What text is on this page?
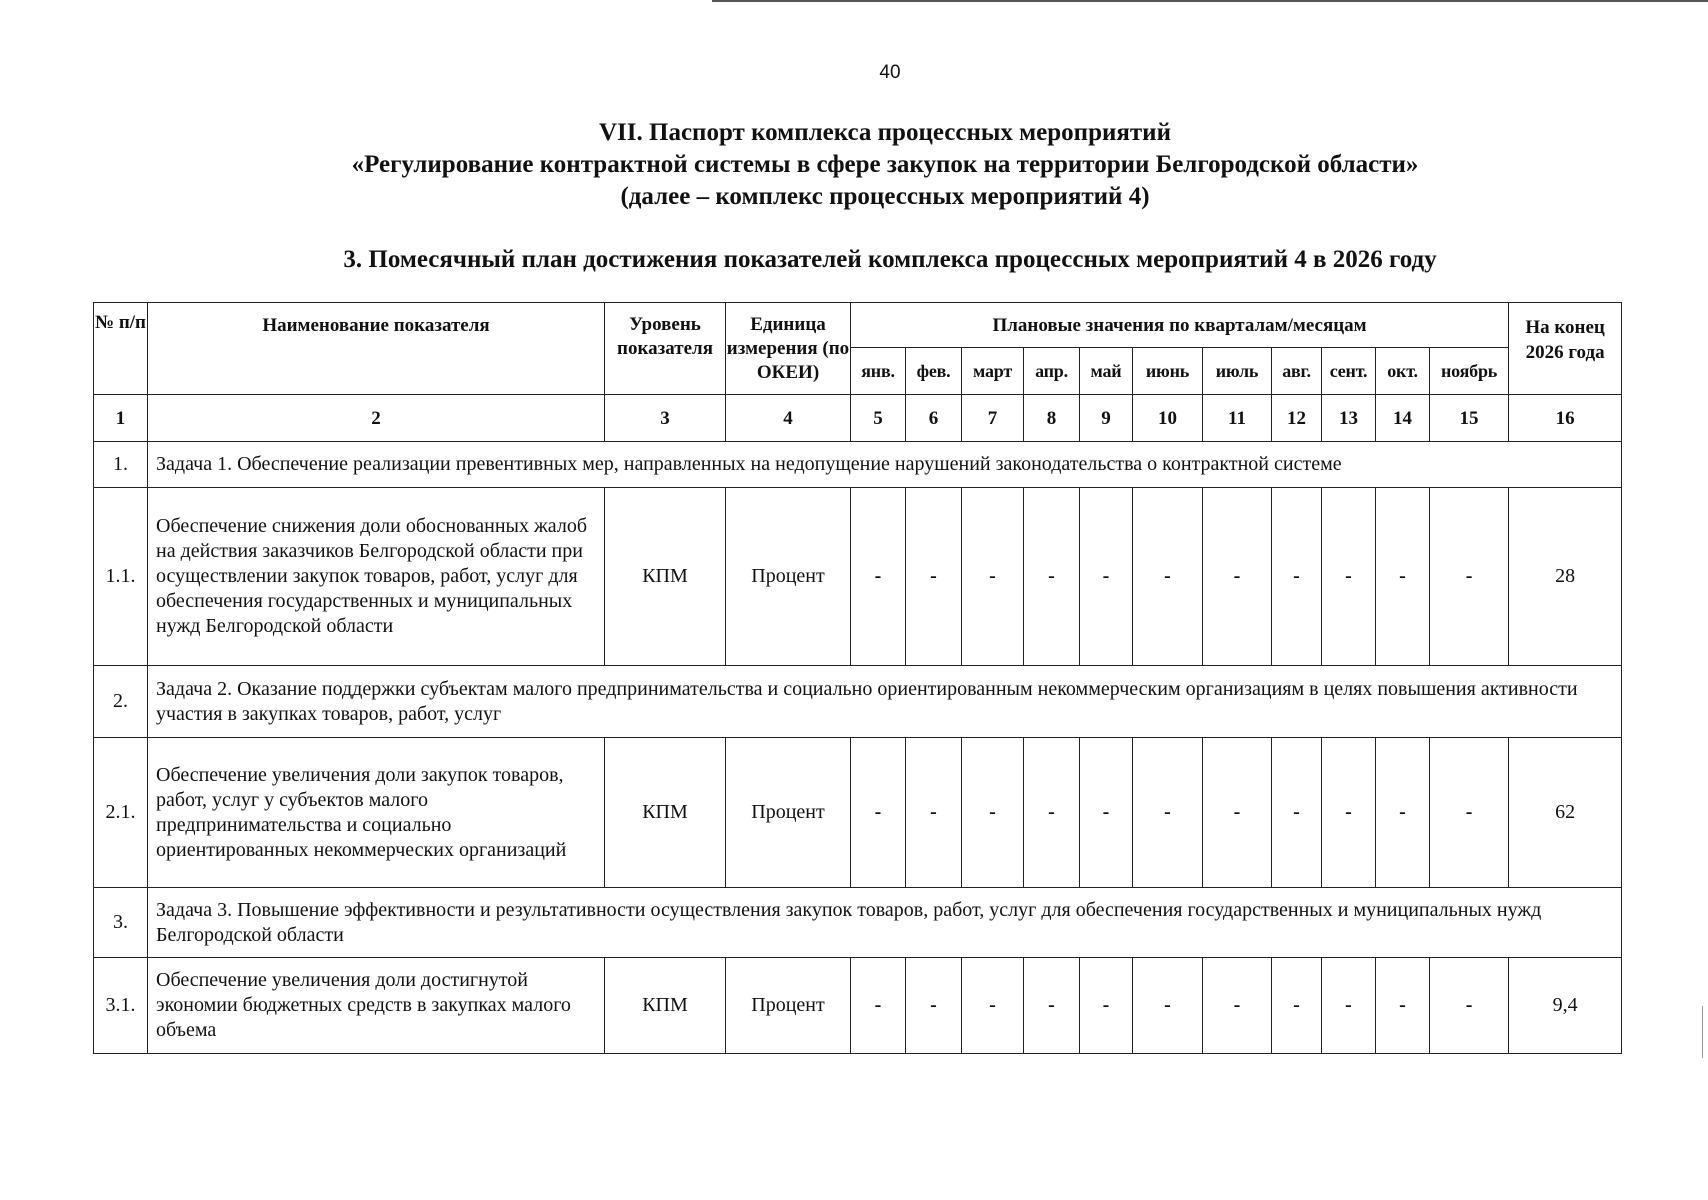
40
VII. Паспорт комплекса процессных мероприятий
«Регулирование контрактной системы в сфере закупок на территории Белгородской области»
(далее – комплекс процессных мероприятий 4)
3. Помесячный план достижения показателей комплекса процессных мероприятий 4 в 2026 году
№ п/п	Наименование показателя	Уровень показателя	Единица измерения (по ОКЕИ)	Плановые значения по кварталам/месяцам											На конец 2026 года
				янв.	фев.	март	апр.	май	июнь	июль	авг.	сент.	окт.	ноябрь	
1	2	3	4	5	6	7	8	9	10	11	12	13	14	15	16
1.	Задача 1. Обеспечение реализации превентивных мер, направленных на недопущение нарушений законодательства о контрактной системе														
1.1.	Обеспечение снижения доли обоснованных жалоб на действия заказчиков Белгородской области при осуществлении закупок товаров, работ, услуг для обеспечения государственных и муниципальных нужд Белгородской области	КПМ	Процент	-	-	-	-	-	-	-	-	-	-	-	28
2.	Задача 2. Оказание поддержки субъектам малого предпринимательства и социально ориентированным некоммерческим организациям в целях повышения активности участия в закупках товаров, работ, услуг														
2.1.	Обеспечение увеличения доли закупок товаров, работ, услуг у субъектов малого предпринимательства и социально ориентированных некоммерческих организаций	КПМ	Процент	-	-	-	-	-	-	-	-	-	-	-	62
3.	Задача 3. Повышение эффективности и результативности осуществления закупок товаров, работ, услуг для обеспечения государственных и муниципальных нужд Белгородской области														
3.1.	Обеспечение увеличения доли достигнутой экономии бюджетных средств в закупках малого объема	КПМ	Процент	-	-	-	-	-	-	-	-	-	-	-	9,4
